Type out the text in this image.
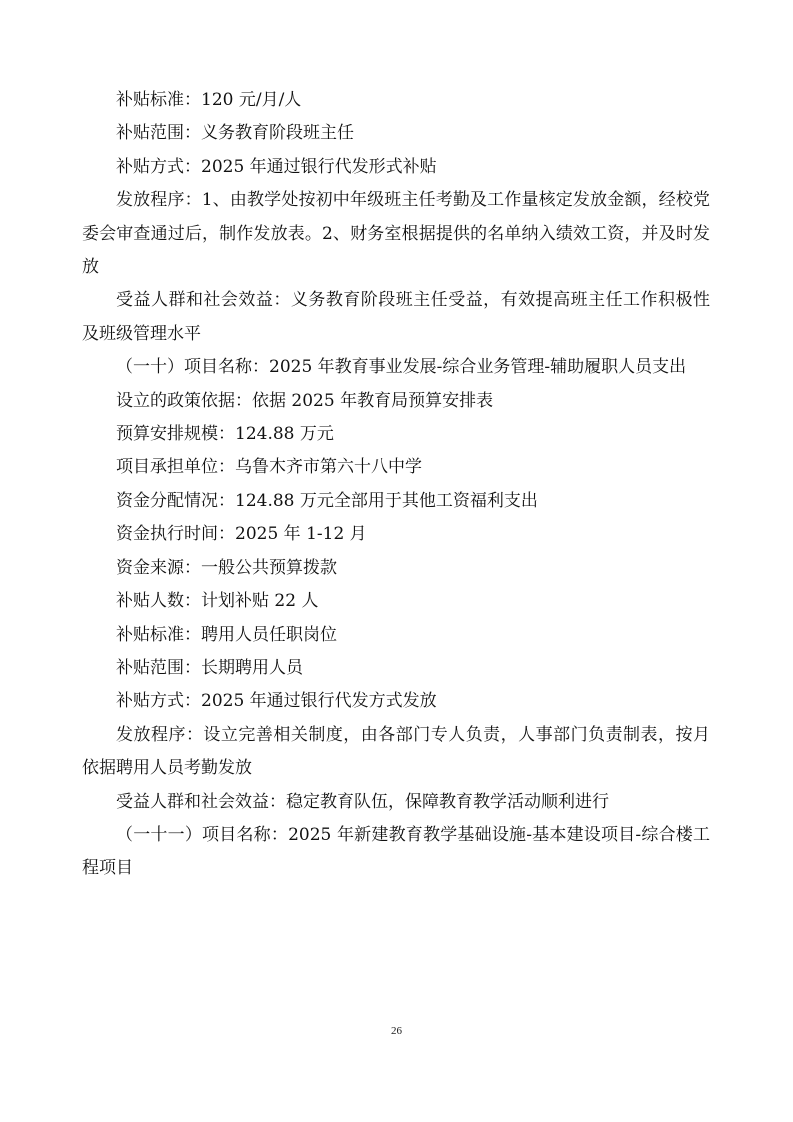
补贴标准：120 元/月/人

补贴范围：义务教育阶段班主任

补贴方式：2025 年通过银行代发形式补贴

发放程序：1、由教学处按初中年级班主任考勤及工作量核定发放金额，经校党委会审查通过后，制作发放表。2、财务室根据提供的名单纳入绩效工资，并及时发放

受益人群和社会效益：义务教育阶段班主任受益，有效提高班主任工作积极性及班级管理水平

（一十）项目名称：2025 年教育事业发展-综合业务管理-辅助履职人员支出

设立的政策依据：依据 2025 年教育局预算安排表

预算安排规模：124.88 万元

项目承担单位：乌鲁木齐市第六十八中学

资金分配情况：124.88 万元全部用于其他工资福利支出

资金执行时间：2025 年 1-12 月

资金来源：一般公共预算拨款

补贴人数：计划补贴 22 人

补贴标准：聘用人员任职岗位

补贴范围：长期聘用人员

补贴方式：2025 年通过银行代发方式发放

发放程序：设立完善相关制度，由各部门专人负责，人事部门负责制表，按月依据聘用人员考勤发放

受益人群和社会效益：稳定教育队伍，保障教育教学活动顺利进行

（一十一）项目名称：2025 年新建教育教学基础设施-基本建设项目-综合楼工程项目

26
